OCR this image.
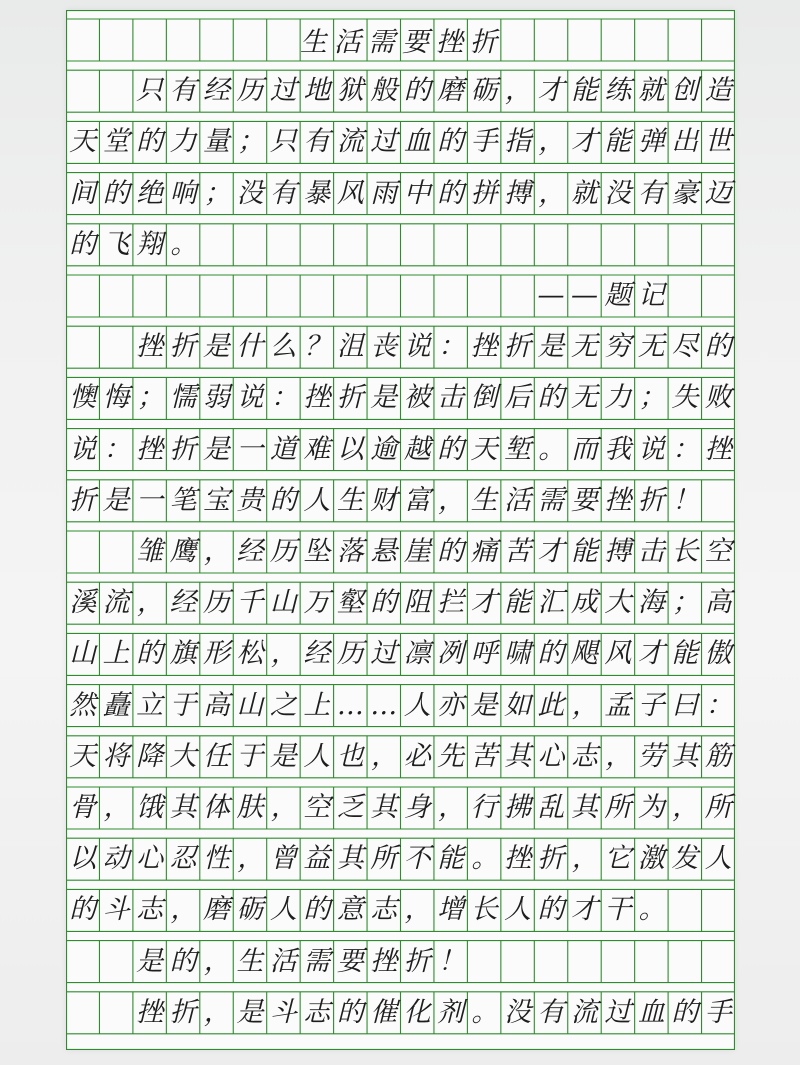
生活需要挫折
只 有 经 历 过 地 狱 般 的 磨 砺 ， 才 能 练 就 创 造
天 堂 的 力 量 ； 只 有 流 过 血 的 手 指 ， 才 能 弹 出 世
间 的 绝 响 ； 没 有 暴 风 雨 中 的 拼 搏 ， 就 没 有 豪 迈
的 飞 翔 。
— — 题 记
挫 折 是 什 么 ？ 沮 丧 说 ： 挫 折 是 无 穷 无 尽 的
懊 悔 ； 懦 弱 说 ： 挫 折 是 被 击 倒 后 的 无 力 ； 失 败
说 ： 挫 折 是 一 道 难 以 逾 越 的 天 堑 。 而 我 说 ： 挫
折 是 一 笔 宝 贵 的 人 生 财 富 ， 生 活 需 要 挫 折 ！
雏 鹰 ， 经 历 坠 落 悬 崖 的 痛 苦 才 能 搏 击 长 空
溪 流 ， 经 历 千 山 万 壑 的 阻 拦 才 能 汇 成 大 海 ； 高
山 上 的 旗 形 松 ， 经 历 过 凛 冽 呼 啸 的 飓 风 才 能 傲
然 矗 立 于 高 山 之 上 … … 人 亦 是 如 此 ， 孟 子 曰 ：
天 将 降 大 任 于 是 人 也 ， 必 先 苦 其 心 志 ， 劳 其 筋
骨 ， 饿 其 体 肤 ， 空 乏 其 身 ， 行 拂 乱 其 所 为 ， 所
以 动 心 忍 性 ， 曾 益 其 所 不 能 。 挫 折 ， 它 激 发 人
的 斗 志 ， 磨 砺 人 的 意 志 ， 增 长 人 的 才 干 。
是 的 ， 生 活 需 要 挫 折 ！
挫 折 ， 是 斗 志 的 催 化 剂 。 没 有 流 过 血 的 手
